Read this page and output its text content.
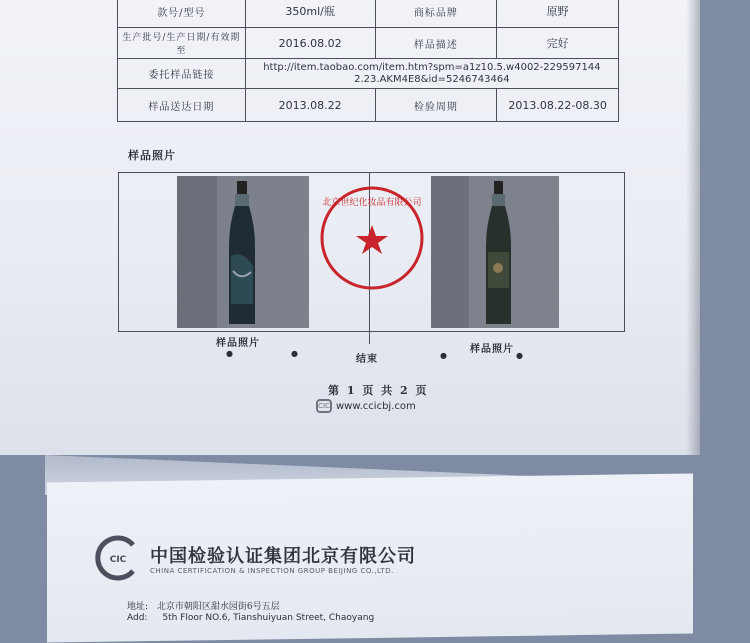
款号/型号	350ml/瓶	商标品牌	原野
生产批号/生产日期/有效期至	2016.08.02	样品描述	完好
委托样品链接	http://item.taobao.com/item.htm?spm=a1z10.5.w4002-229597144 2.23.AKM4E8&id=5246743464		
样品送达日期	2013.08.22	检验周期	2013.08.22-08.30
样品照片
北京世纪化妆品有限公司
样品照片
样品照片
●	●	●	●
结束
第 1 页 共 2 页
CIC www.ccicbj.com
CIC 中国检验认证集团北京有限公司
CHINA CERTIFICATION & INSPECTION GROUP BEIJING CO.,LTD.
地址: 北京市朝阳区甜水园街6号五层
Add: 5th Floor NO.6, Tianshuiyuan Street, Chaoyang
